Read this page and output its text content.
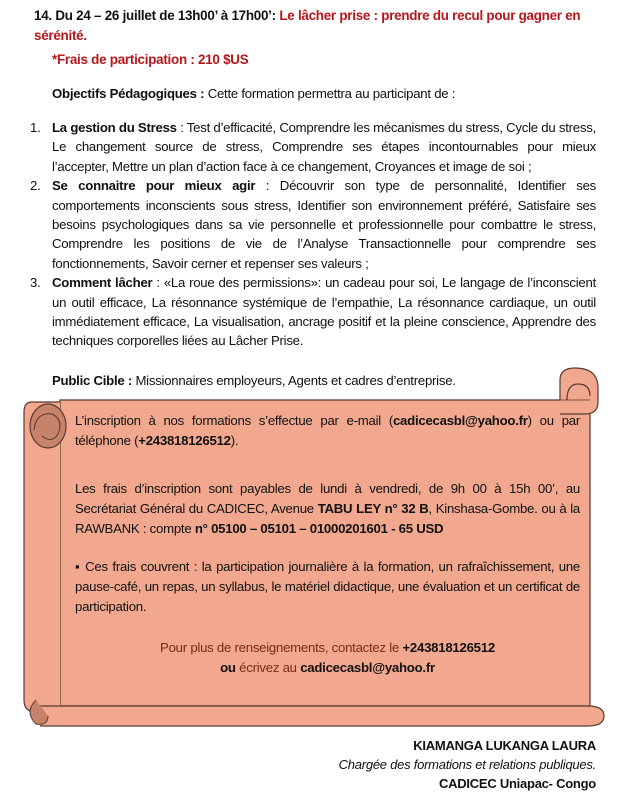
14. Du 24 – 26 juillet de 13h00’ à 17h00’: Le lâcher prise : prendre du recul pour gagner en sérénité.
*Frais de participation : 210 $US
Objectifs Pédagogiques : Cette formation permettra au participant de :
1. La gestion du Stress : Test d’efficacité, Comprendre les mécanismes du stress, Cycle du stress, Le changement source de stress, Comprendre ses étapes incontournables pour mieux l’accepter, Mettre un plan d’action face à ce changement, Croyances et image de soi ;
2. Se connaitre pour mieux agir : Découvrir son type de personnalité, Identifier ses comportements inconscients sous stress, Identifier son environnement préféré, Satisfaire ses besoins psychologiques dans sa vie personnelle et professionnelle pour combattre le stress, Comprendre les positions de vie de l’Analyse Transactionnelle pour comprendre ses fonctionnements, Savoir cerner et repenser ses valeurs ;
3. Comment lâcher : «La roue des permissions»: un cadeau pour soi, Le langage de l’inconscient un outil efficace, La résonnance systémique de l’empathie, La résonnance cardiaque, un outil immédiatement efficace, La visualisation, ancrage positif et la pleine conscience, Apprendre des techniques corporelles liées au Lâcher Prise.
Public Cible : Missionnaires employeurs, Agents et cadres d’entreprise.
L’inscription à nos formations s’effectue par e-mail (cadicecasbl@yahoo.fr) ou par téléphone (+243818126512).
Les frais d’inscription sont payables de lundi à vendredi, de 9h 00 à 15h 00’, au Secrétariat Général du CADICEC, Avenue TABU LEY n° 32 B, Kinshasa-Gombe. ou à la RAWBANK : compte n° 05100 – 05101 – 01000201601 - 65 USD
▪ Ces frais couvrent : la participation journalière à la formation, un rafraîchissement, une pause-café, un repas, un syllabus, le matériel didactique, une évaluation et un certificat de participation.
Pour plus de renseignements, contactez le +243818126512
ou écrivez au cadicecasbl@yahoo.fr
KIAMANGA LUKANGA LAURA
Chargée des formations et relations publiques.
CADICEC Uniapac- Congo
